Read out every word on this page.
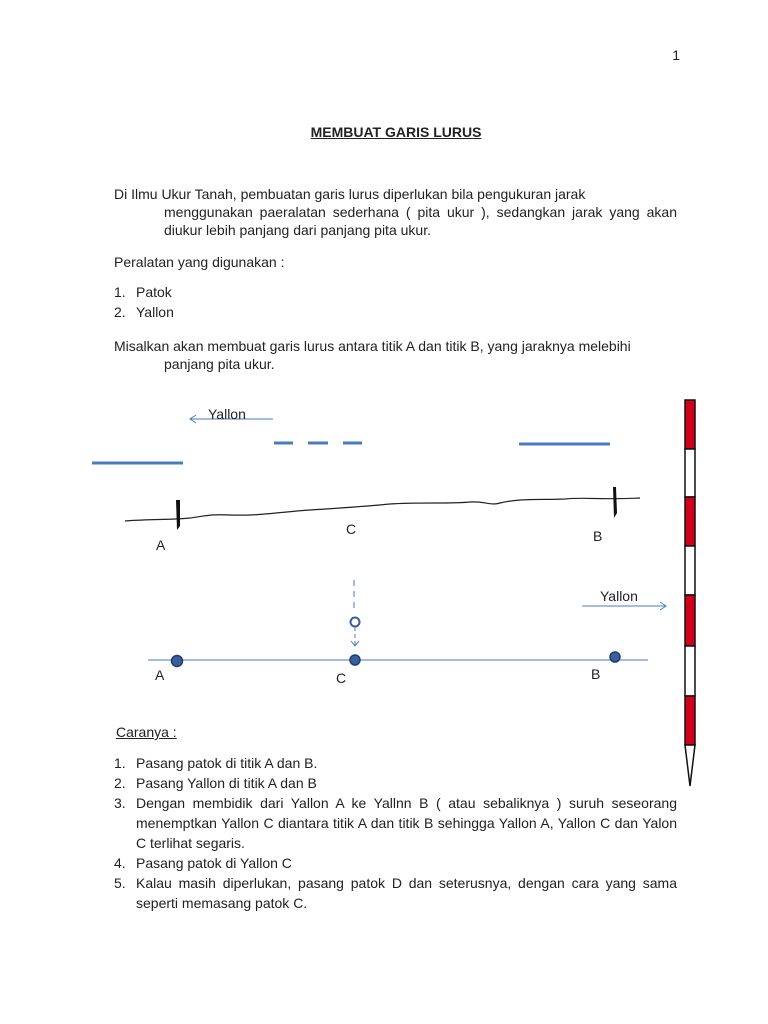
1
MEMBUAT GARIS LURUS
Di Ilmu Ukur Tanah, pembuatan garis lurus diperlukan bila pengukuran jarak
menggunakan paeralatan sederhana ( pita ukur ), sedangkan jarak yang akan diukur lebih panjang dari panjang pita ukur.
Peralatan yang digunakan :
1. Patok
2. Yallon
Misalkan akan membuat garis lurus antara titik A dan titik B, yang jaraknya melebihi
panjang pita ukur.
Yallon
A
C	B
Yallon
A	C	B
Caranya :
1. Pasang patok di titik A dan B.
2. Pasang Yallon di titik A dan B
3. Dengan membidik dari Yallon A ke Yallnn B ( atau sebaliknya ) suruh seseorang menemptkan Yallon C diantara titik A dan titik B sehingga Yallon A, Yallon C dan Yalon C terlihat segaris.
4. Pasang patok di Yallon C
5. Kalau masih diperlukan, pasang patok D dan seterusnya, dengan cara yang sama seperti memasang patok C.
